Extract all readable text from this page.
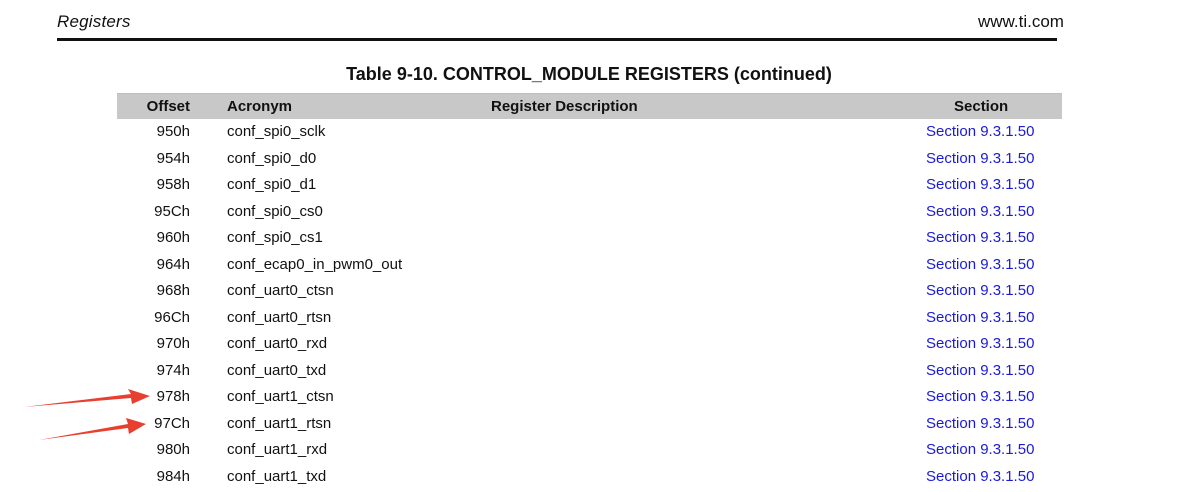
Registers	www.ti.com
Table 9-10. CONTROL_MODULE REGISTERS (continued)
Offset	Acronym	Register Description	Section
950h	conf_spi0_sclk		Section 9.3.1.50
954h	conf_spi0_d0		Section 9.3.1.50
958h	conf_spi0_d1		Section 9.3.1.50
95Ch	conf_spi0_cs0		Section 9.3.1.50
960h	conf_spi0_cs1		Section 9.3.1.50
964h	conf_ecap0_in_pwm0_out		Section 9.3.1.50
968h	conf_uart0_ctsn		Section 9.3.1.50
96Ch	conf_uart0_rtsn		Section 9.3.1.50
970h	conf_uart0_rxd		Section 9.3.1.50
974h	conf_uart0_txd		Section 9.3.1.50
978h	conf_uart1_ctsn		Section 9.3.1.50
97Ch	conf_uart1_rtsn		Section 9.3.1.50
980h	conf_uart1_rxd		Section 9.3.1.50
984h	conf_uart1_txd		Section 9.3.1.50
